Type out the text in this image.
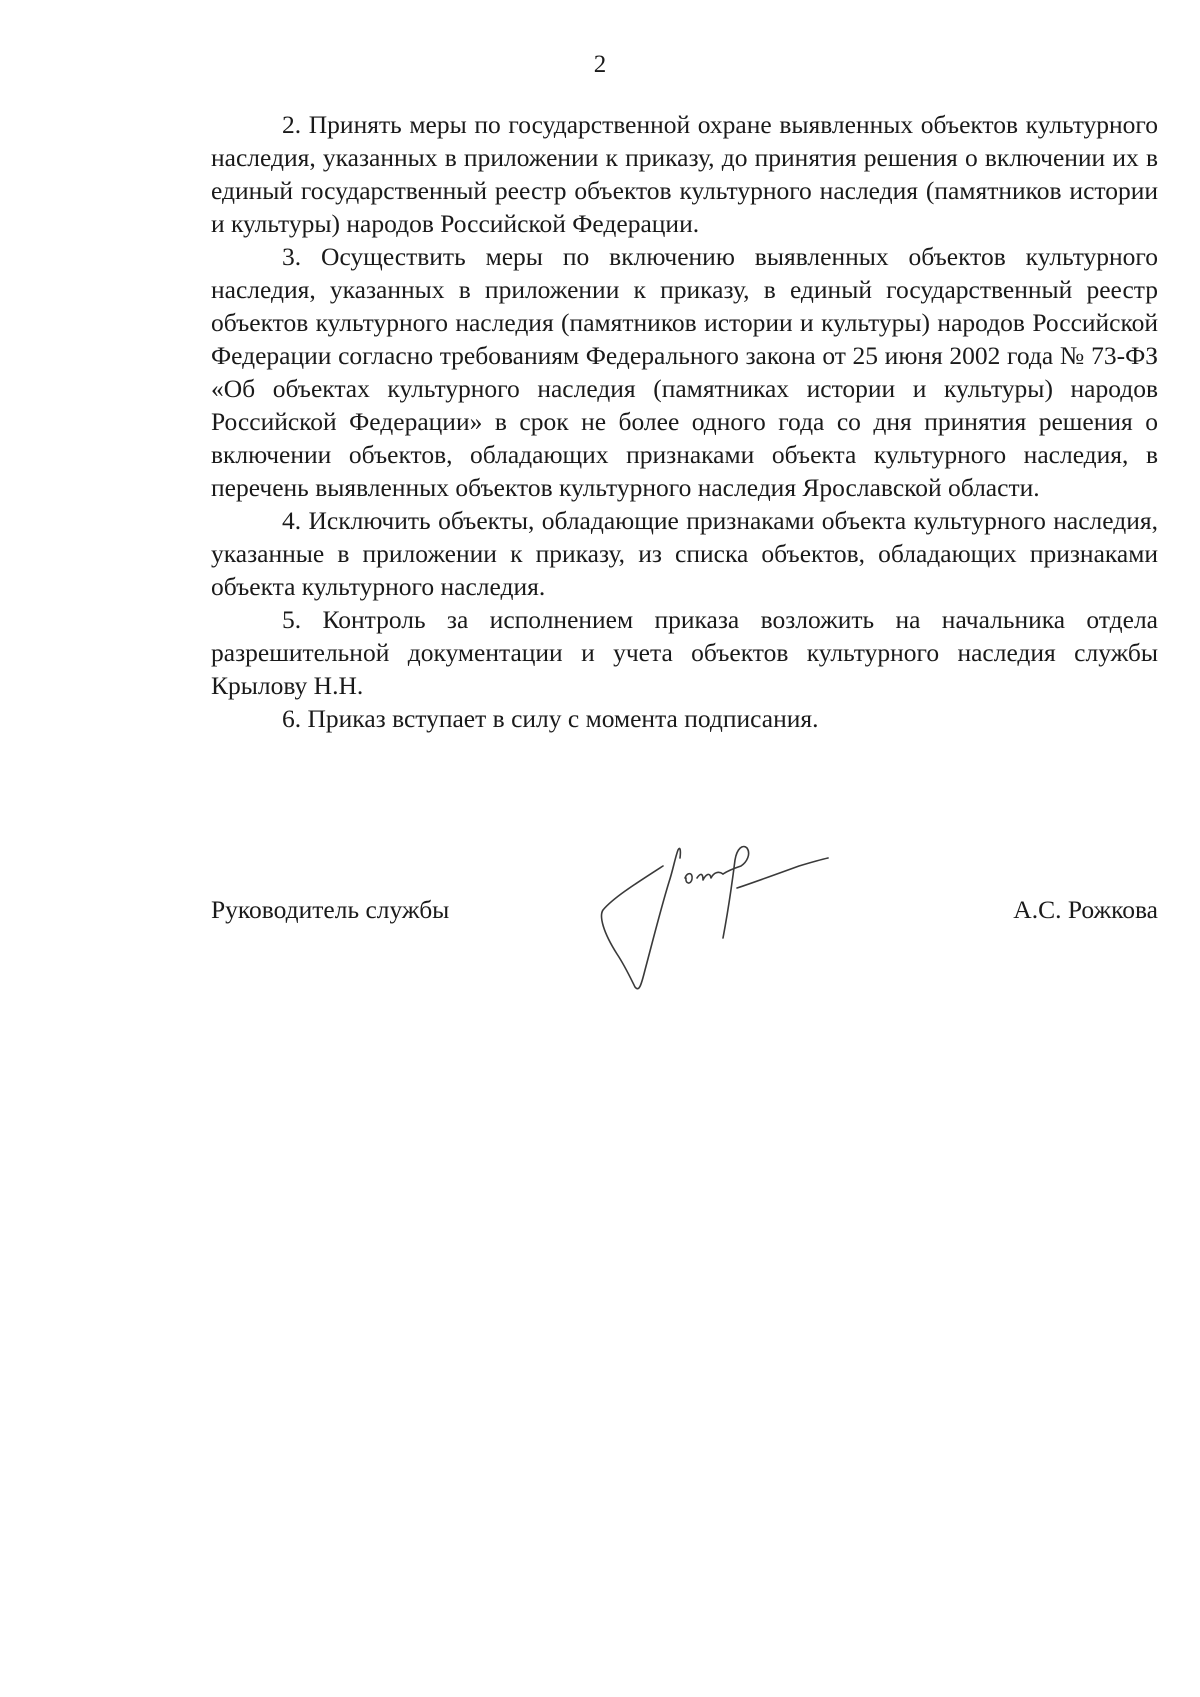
2

2. Принять меры по государственной охране выявленных объектов культурного наследия, указанных в приложении к приказу, до принятия решения о включении их в единый государственный реестр объектов культурного наследия (памятников истории и культуры) народов Российской Федерации.

3. Осуществить меры по включению выявленных объектов культурного наследия, указанных в приложении к приказу, в единый государственный реестр объектов культурного наследия (памятников истории и культуры) народов Российской Федерации согласно требованиям Федерального закона от 25 июня 2002 года № 73-ФЗ «Об объектах культурного наследия (памятниках истории и культуры) народов Российской Федерации» в срок не более одного года со дня принятия решения о включении объектов, обладающих признаками объекта культурного наследия, в перечень выявленных объектов культурного наследия Ярославской области.

4. Исключить объекты, обладающие признаками объекта культурного наследия, указанные в приложении к приказу, из списка объектов, обладающих признаками объекта культурного наследия.

5. Контроль за исполнением приказа возложить на начальника отдела разрешительной документации и учета объектов культурного наследия службы Крылову Н.Н.

6. Приказ вступает в силу с момента подписания.

Руководитель службы	А.С. Рожкова
